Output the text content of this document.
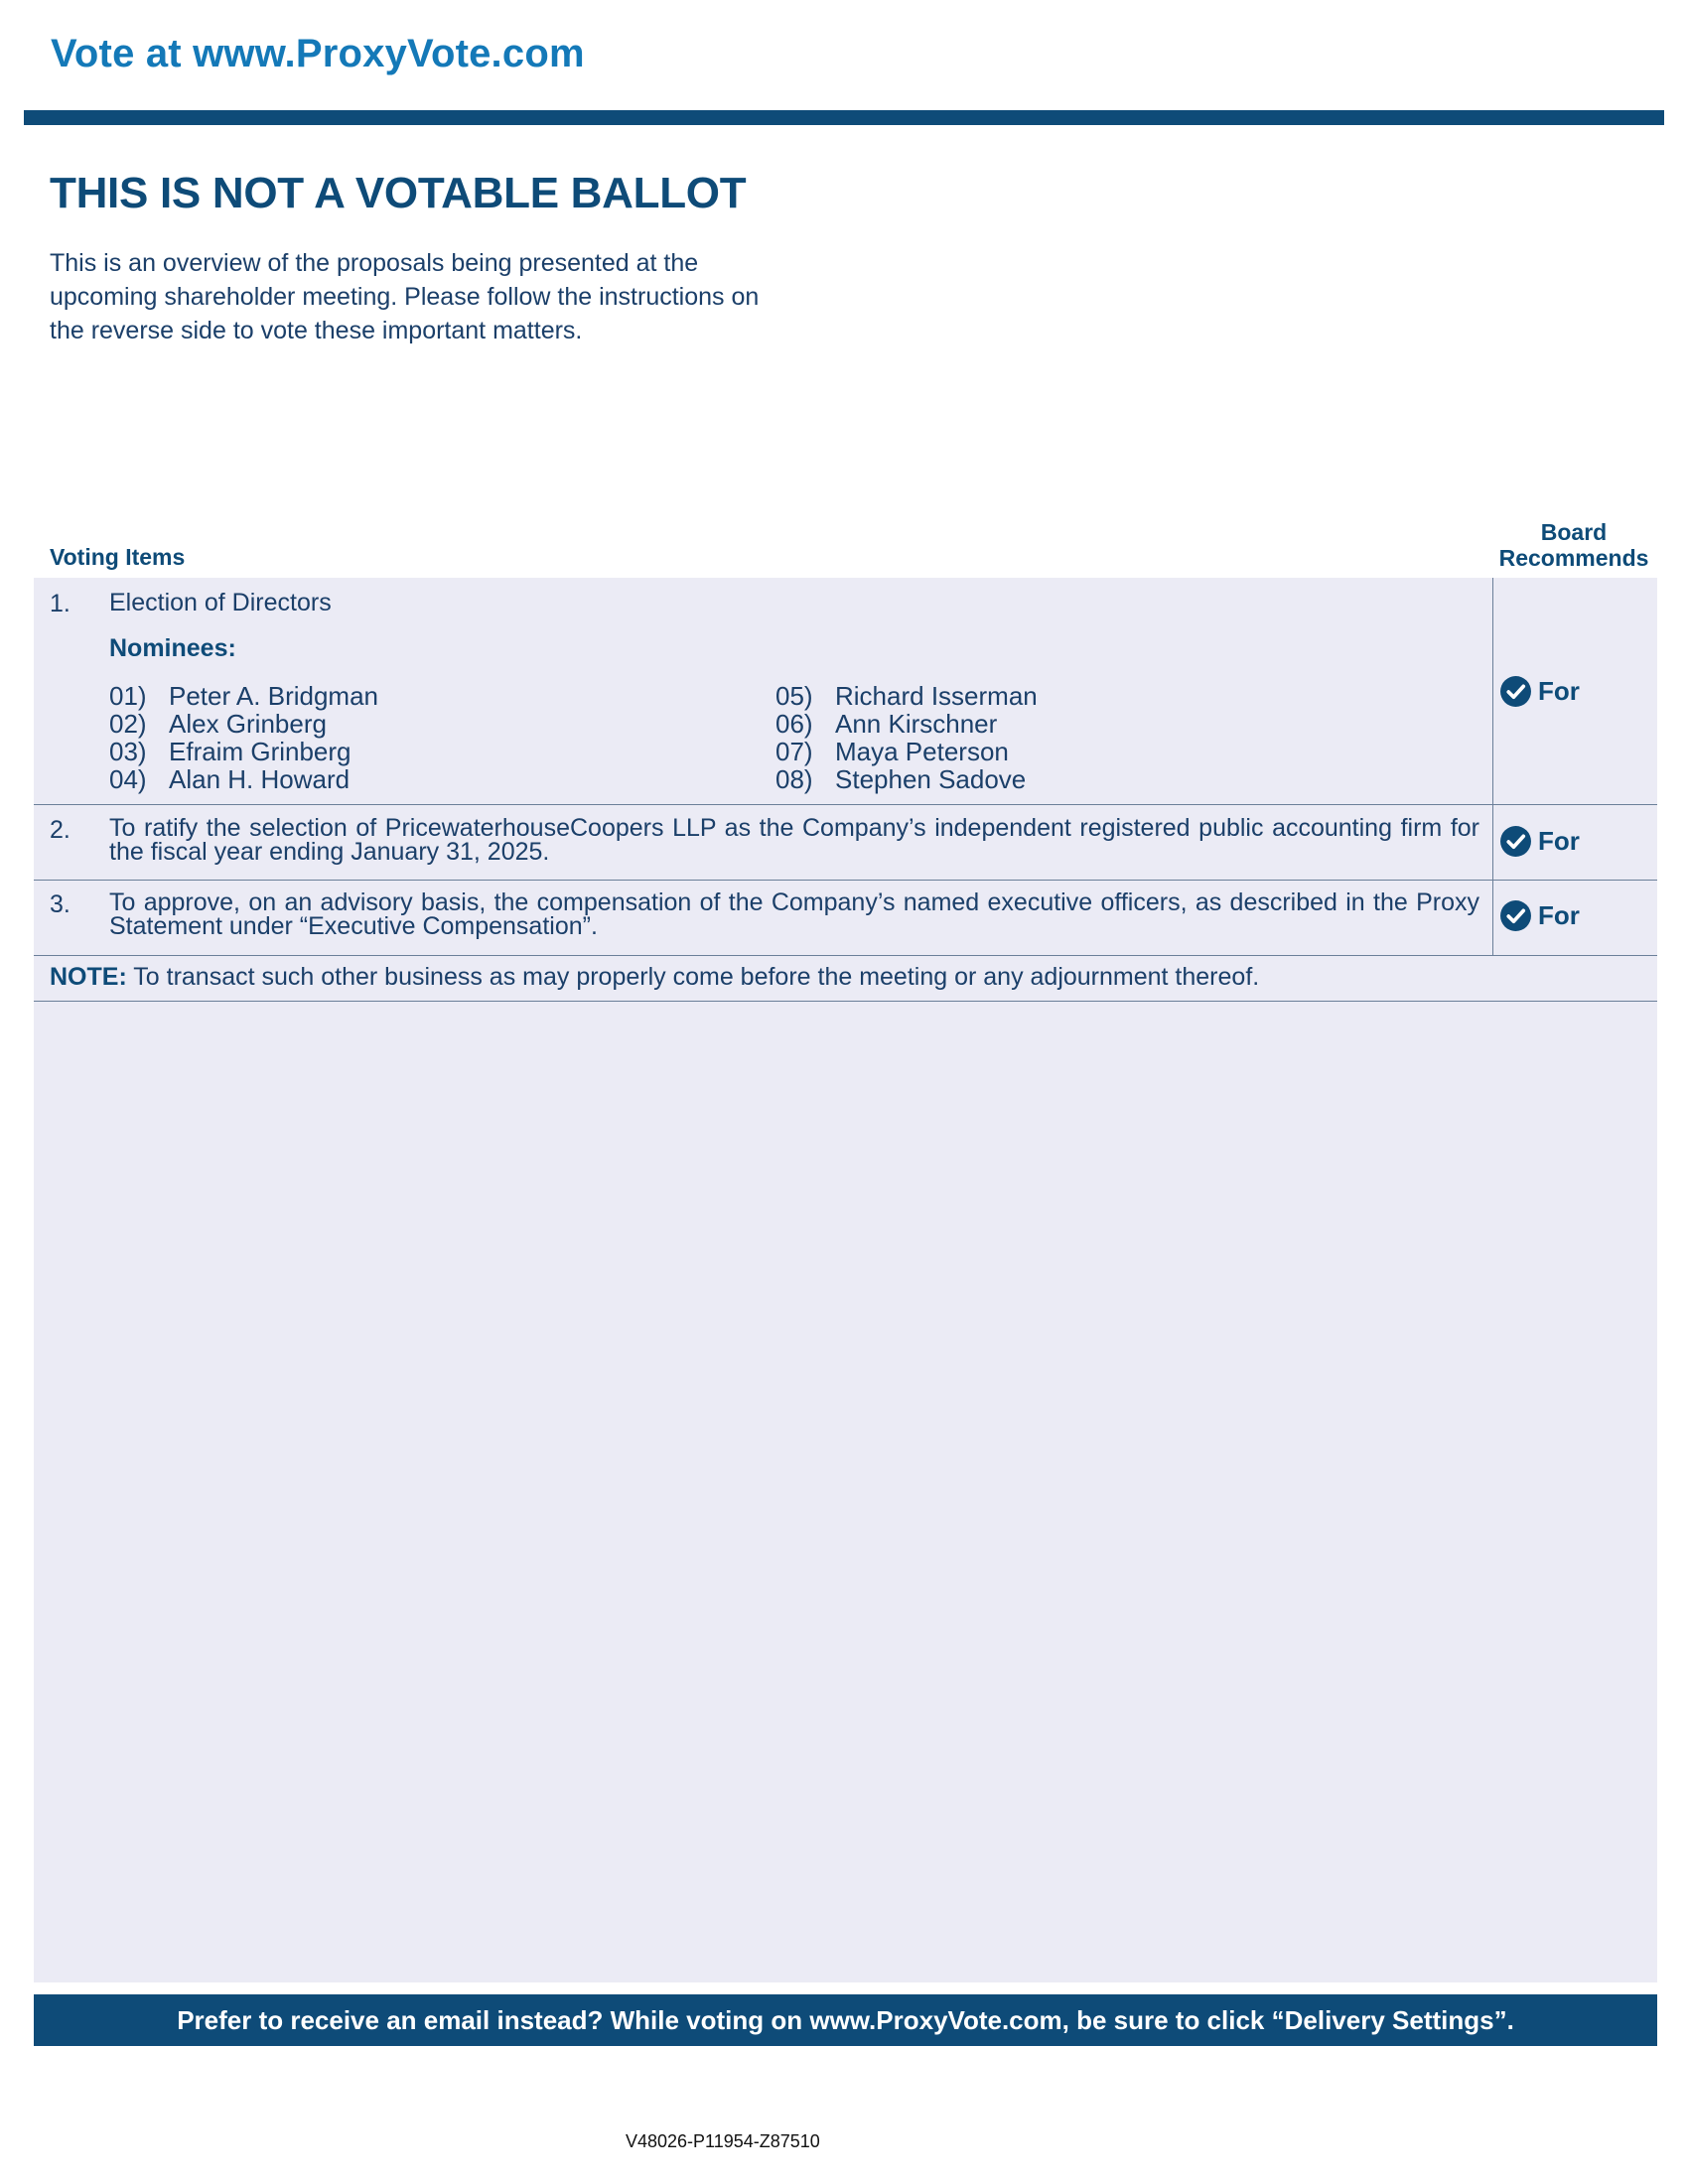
Vote at www.ProxyVote.com
THIS IS NOT A VOTABLE BALLOT
This is an overview of the proposals being presented at the
upcoming shareholder meeting. Please follow the instructions on
the reverse side to vote these important matters.
Voting Items
Board
Recommends
1. Election of Directors
Nominees:
01) Peter A. Bridgman
02) Alex Grinberg
03) Efraim Grinberg
04) Alan H. Howard
05) Richard Isserman
06) Ann Kirschner
07) Maya Peterson
08) Stephen Sadove
For
2. To ratify the selection of PricewaterhouseCoopers LLP as the Company’s independent registered public accounting firm for the fiscal year ending January 31, 2025.	For
3. To approve, on an advisory basis, the compensation of the Company’s named executive officers, as described in the Proxy Statement under “Executive Compensation”.	For
NOTE: To transact such other business as may properly come before the meeting or any adjournment thereof.
Prefer to receive an email instead? While voting on www.ProxyVote.com, be sure to click “Delivery Settings”.
V48026-P11954-Z87510
